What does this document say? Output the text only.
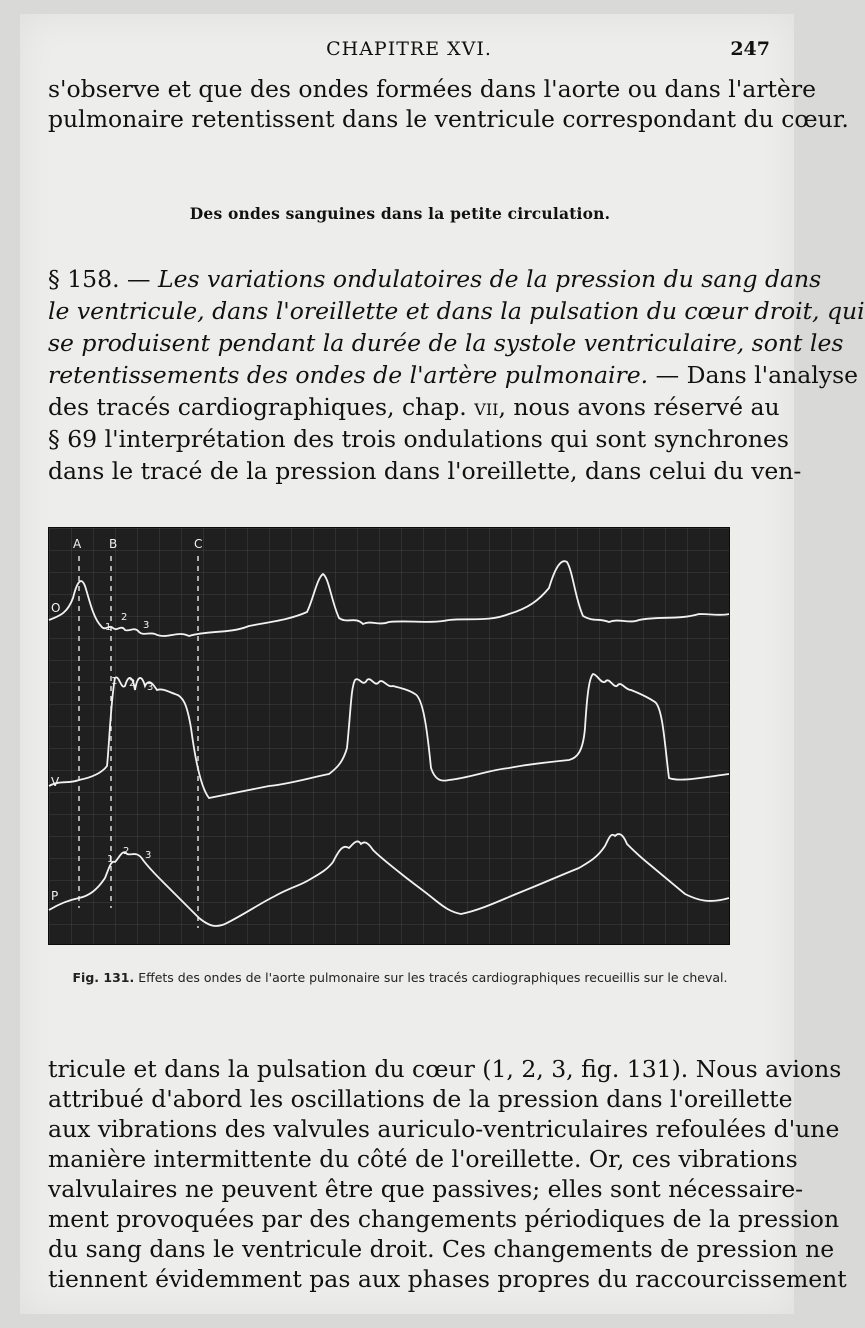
CHAPITRE XVI.	247
s'observe et que des ondes formées dans l'aorte ou dans l'artère
pulmonaire retentissent dans le ventricule correspondant du cœur.
Des ondes sanguines dans la petite circulation.
§ 158. — Les variations ondulatoires de la pression du sang dans
le ventricule, dans l'oreillette et dans la pulsation du cœur droit, qui
se produisent pendant la durée de la systole ventriculaire, sont les
retentissements des ondes de l'artère pulmonaire. — Dans l'analyse
des tracés cardiographiques, chap. vii, nous avons réservé au
§ 69 l'interprétation des trois ondulations qui sont synchrones
dans le tracé de la pression dans l'oreillette, dans celui du ven-
A B	C
O
V
P
1
2
3
1 2 3
1
2 3
Fig. 131. Effets des ondes de l'aorte pulmonaire sur les tracés cardiographiques recueillis sur le cheval.
tricule et dans la pulsation du cœur (1, 2, 3, fig. 131). Nous avions
attribué d'abord les oscillations de la pression dans l'oreillette
aux vibrations des valvules auriculo-ventriculaires refoulées d'une
manière intermittente du côté de l'oreillette. Or, ces vibrations
valvulaires ne peuvent être que passives; elles sont nécessaire-
ment provoquées par des changements périodiques de la pression
du sang dans le ventricule droit. Ces changements de pression ne
tiennent évidemment pas aux phases propres du raccourcissement
